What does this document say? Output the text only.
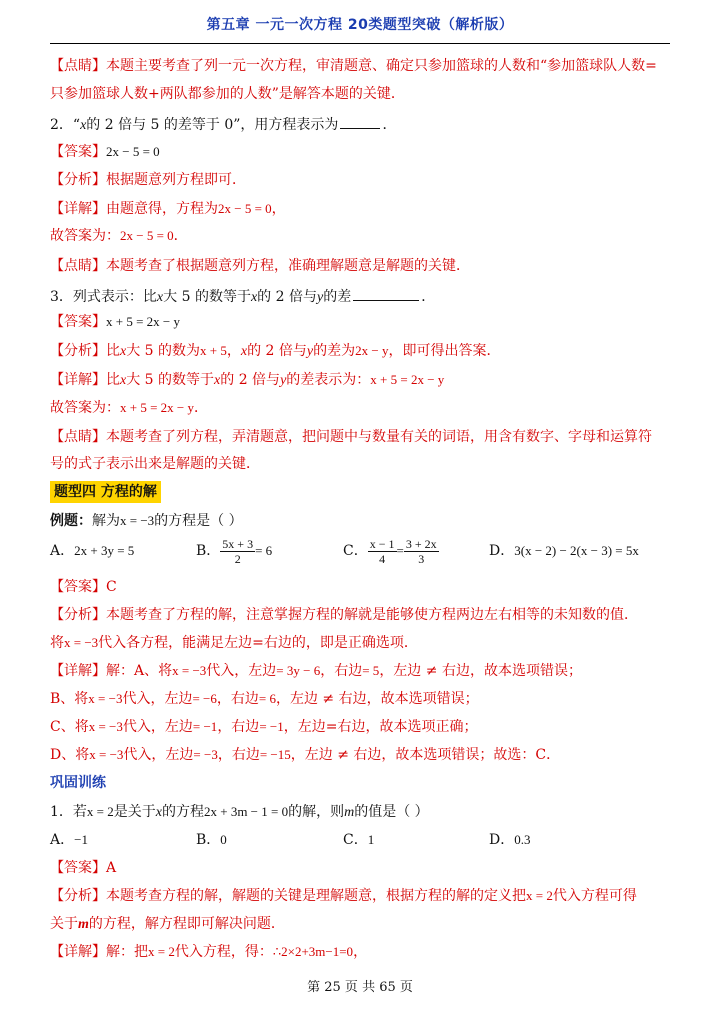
第五章 一元一次方程 20类题型突破（解析版）
【点睛】本题主要考查了列一元一次方程，审清题意、确定只参加篮球的人数和“参加篮球队人数=
只参加篮球人数+两队都参加的人数”是解答本题的关键．
2．“x的 2 倍与 5 的差等于 0”，用方程表示为	．
【答案】2x − 5 = 0
【分析】根据题意列方程即可．
【详解】由题意得，方程为2x − 5 = 0，
故答案为：2x − 5 = 0．
【点睛】本题考查了根据题意列方程，准确理解题意是解题的关键．
3．列式表示：比x大 5 的数等于x的 2 倍与y的差	．
【答案】x + 5 = 2x − y
【分析】比x大 5 的数为x + 5，x的 2 倍与y的差为2x − y，即可得出答案．
【详解】比x大 5 的数等于x的 2 倍与y的差表示为：x + 5 = 2x − y
故答案为：x + 5 = 2x − y．
【点睛】本题考查了列方程，弄清题意，把问题中与数量有关的词语，用含有数字、字母和运算符
号的式子表示出来是解题的关键．
题型四 方程的解
例题：解为x = −3的方程是（ ）
A．2x + 3y = 5	B． $\frac{5x + 3}{2} = 6$	C． $\frac{x - 1}{4} = \frac{3 + 2x}{3}$	D．3(x − 2) − 2(x − 3) = 5x
【答案】C
【分析】本题考查了方程的解，注意掌握方程的解就是能够使方程两边左右相等的未知数的值．
将x = −3代入各方程，能满足左边=右边的，即是正确选项．
【详解】解：A、将x = −3代入，左边= 3y − 6，右边= 5，左边 ≠ 右边，故本选项错误；
B、将x = −3代入，左边= −6，右边= 6，左边 ≠ 右边，故本选项错误；
C、将x = −3代入，左边= −1，右边= −1，左边=右边，故本选项正确；
D、将x = −3代入，左边= −3，右边= −15，左边 ≠ 右边，故本选项错误；故选：C．
巩固训练
1．若x = 2是关于x的方程2x + 3m − 1 = 0的解，则m的值是（ ）
A．−1	B．0	C．1	D．0.3
【答案】A
【分析】本题考查方程的解，解题的关键是理解题意，根据方程的解的定义把x = 2代入方程可得
关于m的方程，解方程即可解决问题．
【详解】解：把x = 2代入方程，得：∴2×2+3m−1=0，
第 25 页 共 65 页
